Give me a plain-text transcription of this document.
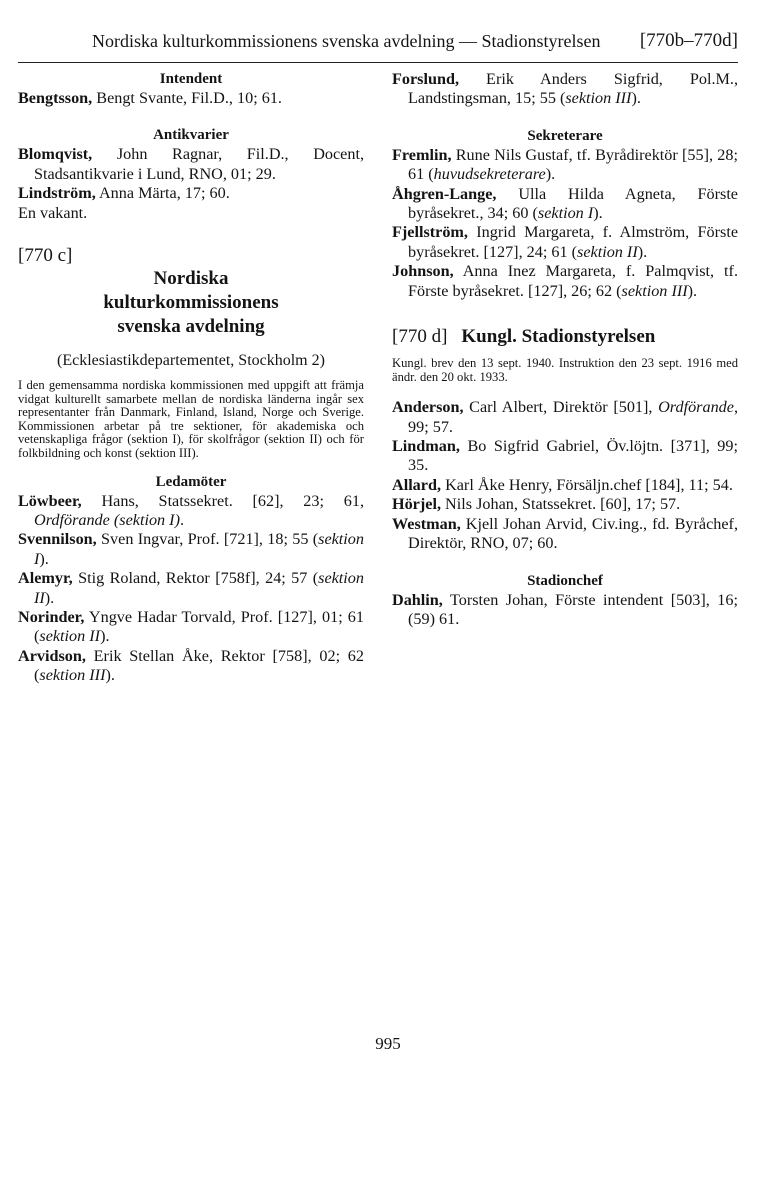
Nordiska kulturkommissionens svenska avdelning — Stadionstyrelsen [770b–770d]
Intendent
Bengtsson, Bengt Svante, Fil.D., 10; 61.
Antikvarier
Blomqvist, John Ragnar, Fil.D., Docent, Stadsantikvarie i Lund, RNO, 01; 29.
Lindström, Anna Märta, 17; 60.
En vakant.
[770 c]
Nordiska kulturkommissionens svenska avdelning
(Ecklesiastikdepartementet, Stockholm 2)
I den gemensamma nordiska kommissionen med uppgift att främja vidgat kulturellt samarbete mellan de nordiska länderna ingår sex representanter från Danmark, Finland, Island, Norge och Sverige. Kommissionen arbetar på tre sektioner, för akademiska och vetenskapliga frågor (sektion I), för skolfrågor (sektion II) och för folkbildning och konst (sektion III).
Ledamöter
Löwbeer, Hans, Statssekret. [62], 23; 61, Ordförande (sektion I).
Svennilson, Sven Ingvar, Prof. [721], 18; 55 (sektion I).
Alemyr, Stig Roland, Rektor [758f], 24; 57 (sektion II).
Norinder, Yngve Hadar Torvald, Prof. [127], 01; 61 (sektion II).
Arvidson, Erik Stellan Åke, Rektor [758], 02; 62 (sektion III).
Forslund, Erik Anders Sigfrid, Pol.M., Landstingsman, 15; 55 (sektion III).
Sekreterare
Fremlin, Rune Nils Gustaf, tf. Byrådirektör [55], 28; 61 (huvudsekreterare).
Åhgren-Lange, Ulla Hilda Agneta, Förste byråsekret., 34; 60 (sektion I).
Fjellström, Ingrid Margareta, f. Almström, Förste byråsekret. [127], 24; 61 (sektion II).
Johnson, Anna Inez Margareta, f. Palmqvist, tf. Förste byråsekret. [127], 26; 62 (sektion III).
[770 d] Kungl. Stadionstyrelsen
Kungl. brev den 13 sept. 1940. Instruktion den 23 sept. 1916 med ändr. den 20 okt. 1933.
Anderson, Carl Albert, Direktör [501], Ordförande, 99; 57.
Lindman, Bo Sigfrid Gabriel, Öv.löjtn. [371], 99; 35.
Allard, Karl Åke Henry, Försäljn.chef [184], 11; 54.
Hörjel, Nils Johan, Statssekret. [60], 17; 57.
Westman, Kjell Johan Arvid, Civ.ing., fd. Byråchef, Direktör, RNO, 07; 60.
Stadionchef
Dahlin, Torsten Johan, Förste intendent [503], 16; (59) 61.
995
